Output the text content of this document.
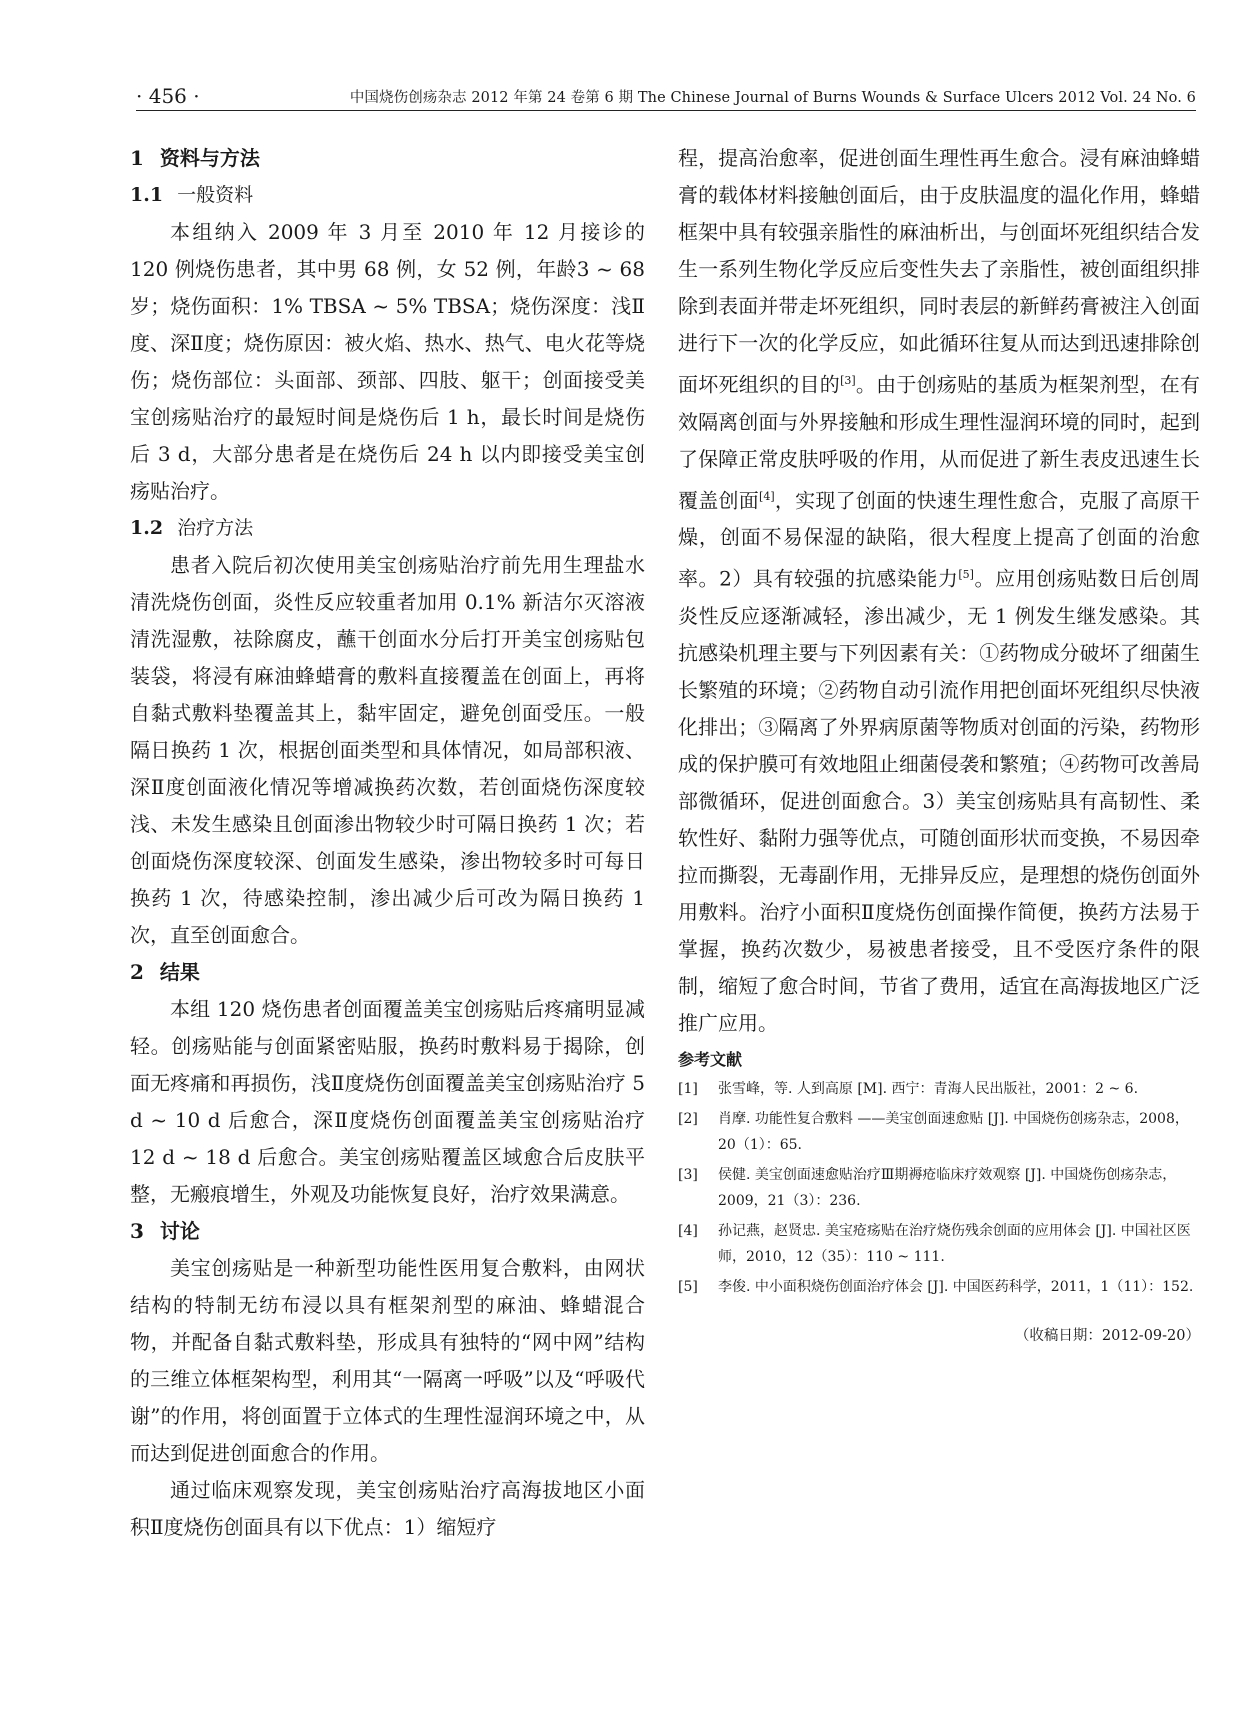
· 456 ·	中国烧伤创疡杂志 2012 年第 24 卷第 6 期 The Chinese Journal of Burns Wounds & Surface Ulcers 2012 Vol. 24 No. 6
1 资料与方法
1.1 一般资料

本组纳入 2009 年 3 月至 2010 年 12 月接诊的 120 例烧伤患者，其中男 68 例，女 52 例，年龄3 ~ 68 岁；烧伤面积：1% TBSA ~ 5% TBSA；烧伤深度：浅Ⅱ度、深Ⅱ度；烧伤原因：被火焰、热水、热气、电火花等烧伤；烧伤部位：头面部、颈部、四肢、躯干；创面接受美宝创疡贴治疗的最短时间是烧伤后 1 h，最长时间是烧伤后 3 d，大部分患者是在烧伤后 24 h 以内即接受美宝创疡贴治疗。

1.2 治疗方法

患者入院后初次使用美宝创疡贴治疗前先用生理盐水清洗烧伤创面，炎性反应较重者加用 0.1% 新洁尔灭溶液清洗湿敷，祛除腐皮，蘸干创面水分后打开美宝创疡贴包装袋，将浸有麻油蜂蜡膏的敷料直接覆盖在创面上，再将自黏式敷料垫覆盖其上，黏牢固定，避免创面受压。一般隔日换药 1 次，根据创面类型和具体情况，如局部积液、深Ⅱ度创面液化情况等增减换药次数，若创面烧伤深度较浅、未发生感染且创面渗出物较少时可隔日换药 1 次；若创面烧伤深度较深、创面发生感染，渗出物较多时可每日换药 1 次，待感染控制，渗出减少后可改为隔日换药 1 次，直至创面愈合。

2 结果

本组 120 烧伤患者创面覆盖美宝创疡贴后疼痛明显减轻。创疡贴能与创面紧密贴服，换药时敷料易于揭除，创面无疼痛和再损伤，浅Ⅱ度烧伤创面覆盖美宝创疡贴治疗 5 d ~ 10 d 后愈合，深Ⅱ度烧伤创面覆盖美宝创疡贴治疗 12 d ~ 18 d 后愈合。美宝创疡贴覆盖区域愈合后皮肤平整，无瘢痕增生，外观及功能恢复良好，治疗效果满意。

3 讨论

美宝创疡贴是一种新型功能性医用复合敷料，由网状结构的特制无纺布浸以具有框架剂型的麻油、蜂蜡混合物，并配备自黏式敷料垫，形成具有独特的“网中网”结构的三维立体框架构型，利用其“一隔离一呼吸”以及“呼吸代谢”的作用，将创面置于立体式的生理性湿润环境之中，从而达到促进创面愈合的作用。

通过临床观察发现，美宝创疡贴治疗高海拔地区小面积Ⅱ度烧伤创面具有以下优点：1）缩短疗

程，提高治愈率，促进创面生理性再生愈合。浸有麻油蜂蜡膏的载体材料接触创面后，由于皮肤温度的温化作用，蜂蜡框架中具有较强亲脂性的麻油析出，与创面坏死组织结合发生一系列生物化学反应后变性失去了亲脂性，被创面组织排除到表面并带走坏死组织，同时表层的新鲜药膏被注入创面进行下一次的化学反应，如此循环往复从而达到迅速排除创面坏死组织的目的[3]。由于创疡贴的基质为框架剂型，在有效隔离创面与外界接触和形成生理性湿润环境的同时，起到了保障正常皮肤呼吸的作用，从而促进了新生表皮迅速生长覆盖创面[4]，实现了创面的快速生理性愈合，克服了高原干燥，创面不易保湿的缺陷，很大程度上提高了创面的治愈率。2）具有较强的抗感染能力[5]。应用创疡贴数日后创周炎性反应逐渐减轻，渗出减少，无 1 例发生继发感染。其抗感染机理主要与下列因素有关：①药物成分破坏了细菌生长繁殖的环境；②药物自动引流作用把创面坏死组织尽快液化排出；③隔离了外界病原菌等物质对创面的污染，药物形成的保护膜可有效地阻止细菌侵袭和繁殖；④药物可改善局部微循环，促进创面愈合。3）美宝创疡贴具有高韧性、柔软性好、黏附力强等优点，可随创面形状而变换，不易因牵拉而撕裂，无毒副作用，无排异反应，是理想的烧伤创面外用敷料。治疗小面积Ⅱ度烧伤创面操作简便，换药方法易于掌握，换药次数少，易被患者接受，且不受医疗条件的限制，缩短了愈合时间，节省了费用，适宜在高海拔地区广泛推广应用。

参考文献
[1] 张雪峰，等. 人到高原 [M]. 西宁：青海人民出版社，2001：2 ~ 6.
[2] 肖摩. 功能性复合敷料 ——美宝创面速愈贴 [J]. 中国烧伤创疡杂志，2008，20（1）：65.
[3] 侯健. 美宝创面速愈贴治疗Ⅲ期褥疮临床疗效观察 [J]. 中国烧伤创疡杂志，2009，21（3）：236.
[4] 孙记燕，赵贤忠. 美宝疮疡贴在治疗烧伤残余创面的应用体会 [J]. 中国社区医师，2010，12（35）：110 ~ 111.
[5] 李俊. 中小面积烧伤创面治疗体会 [J]. 中国医药科学，2011，1（11）：152.
（收稿日期：2012-09-20）
